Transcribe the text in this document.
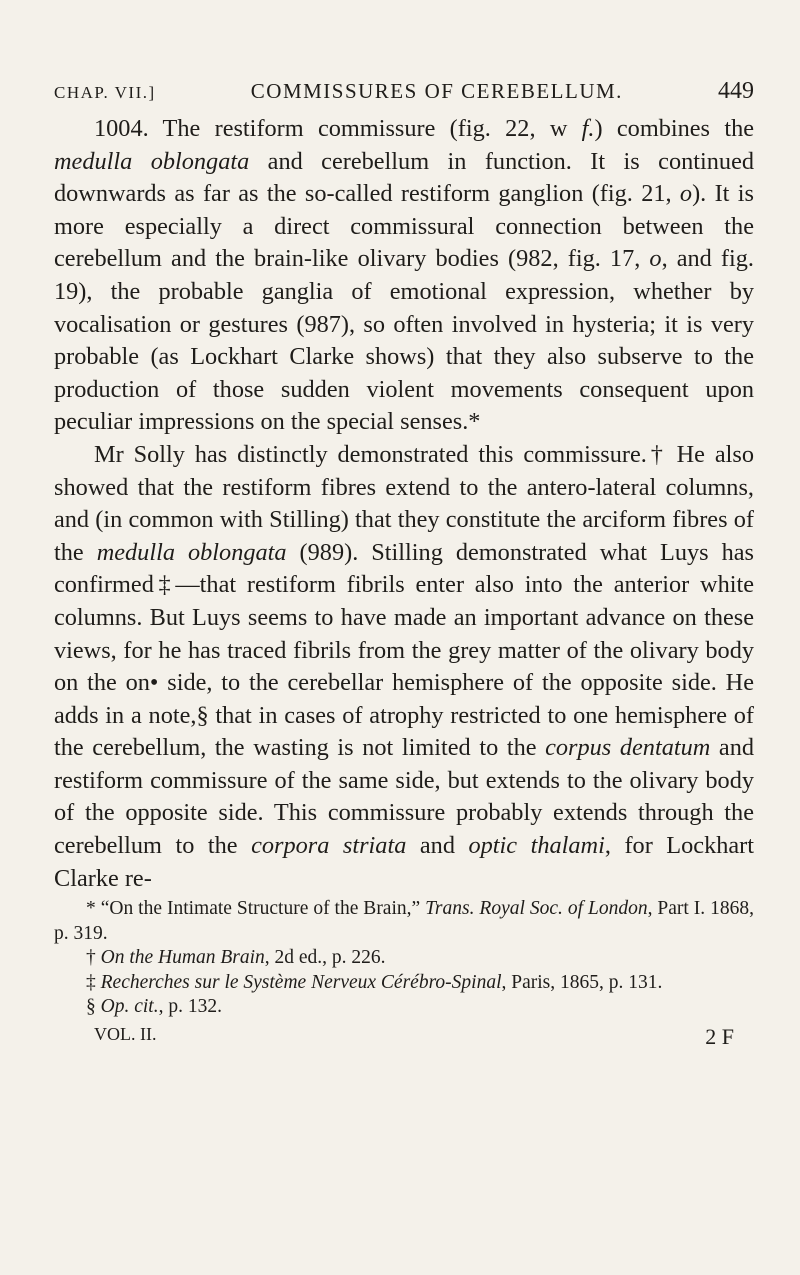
CHAP. VII.]	COMMISSURES OF CEREBELLUM.	449

1004. The restiform commissure (fig. 22, w f.) combines the medulla oblongata and cerebellum in function. It is continued downwards as far as the so-called restiform ganglion (fig. 21, o). It is more especially a direct commissural connection between the cerebellum and the brain-like olivary bodies (982, fig. 17, o, and fig. 19), the probable ganglia of emotional expression, whether by vocalisation or gestures (987), so often involved in hysteria; it is very probable (as Lockhart Clarke shows) that they also subserve to the production of those sudden violent movements consequent upon peculiar impressions on the special senses.*

Mr Solly has distinctly demonstrated this commissure.† He also showed that the restiform fibres extend to the antero-lateral columns, and (in common with Stilling) that they constitute the arciform fibres of the medulla oblongata (989). Stilling demonstrated what Luys has confirmed‡—that restiform fibrils enter also into the anterior white columns. But Luys seems to have made an important advance on these views, for he has traced fibrils from the grey matter of the olivary body on the on• side, to the cerebellar hemisphere of the opposite side. He adds in a note,§ that in cases of atrophy restricted to one hemisphere of the cerebellum, the wasting is not limited to the corpus dentatum and restiform commissure of the same side, but extends to the olivary body of the opposite side. This commissure probably extends through the cerebellum to the corpora striata and optic thalami, for Lockhart Clarke re-

* “On the Intimate Structure of the Brain,” Trans. Royal Soc. of London, Part I. 1868, p. 319.
† On the Human Brain, 2d ed., p. 226.
‡ Recherches sur le Système Nerveux Cérébro-Spinal, Paris, 1865, p. 131.
§ Op. cit., p. 132.
VOL. II.	2 F
